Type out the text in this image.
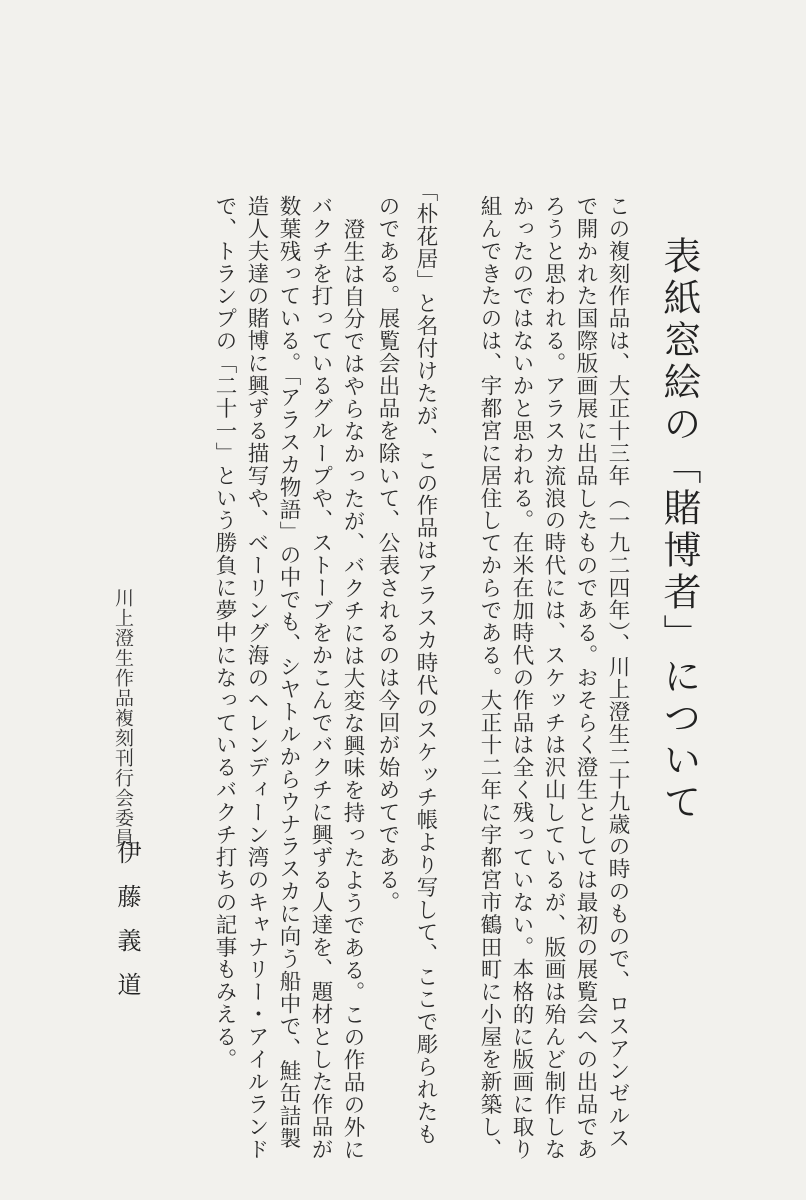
表紙窓絵の「賭博者」について
この複刻作品は、大正十三年（一九二四年）、川上澄生二十九歳の時のもので、ロスアンゼルス
で開かれた国際版画展に出品したものである。おそらく澄生としては最初の展覧会への出品であ
ろうと思われる。アラスカ流浪の時代には、スケッチは沢山しているが、版画は殆んど制作しな
かったのではないかと思われる。在米在加時代の作品は全く残っていない。本格的に版画に取り
組んできたのは、宇都宮に居住してからである。大正十二年に宇都宮市鶴田町に小屋を新築し、
「朴花居」と名付けたが、この作品はアラスカ時代のスケッチ帳より写して、ここで彫られたも
のである。展覧会出品を除いて、公表されるのは今回が始めてである。
澄生は自分ではやらなかったが、バクチには大変な興味を持ったようである。この作品の外に
バクチを打っているグループや、ストーブをかこんでバクチに興ずる人達を、題材とした作品が
数葉残っている。「アラスカ物語」の中でも、シヤトルからウナラスカに向う船中で、鮭缶詰製
造人夫達の賭博に興ずる描写や、ベーリング海のヘレンディーン湾のキャナリー・アイルランド
で、トランプの「二十一」という勝負に夢中になっているバクチ打ちの記事もみえる。
川上澄生作品複刻刊行会委員
伊藤義道
